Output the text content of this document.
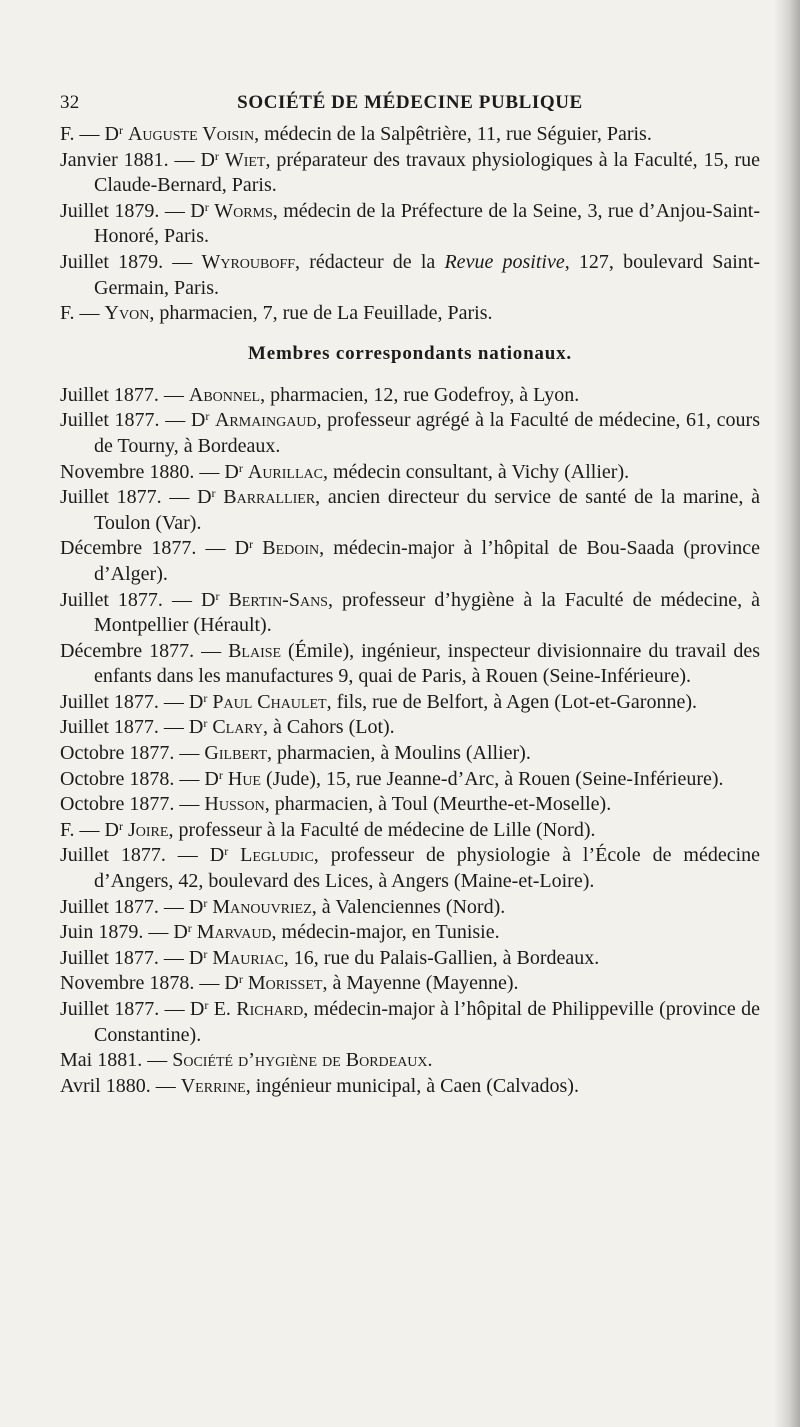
32	SOCIÉTÉ DE MÉDECINE PUBLIQUE

F. — $D^r$ Auguste Voisin, médecin de la Salpêtrière, 11, rue Séguier, Paris.

Janvier 1881. — $D^r$ Wiet, préparateur des travaux physiologiques à la Faculté, 15, rue Claude-Bernard, Paris.

Juillet 1879. — $D^r$ Worms, médecin de la Préfecture de la Seine, 3, rue d’Anjou-Saint-Honoré, Paris.

Juillet 1879. — Wyrouboff, rédacteur de la Revue positive, 127, boulevard Saint-Germain, Paris.

F. — Yvon, pharmacien, 7, rue de La Feuillade, Paris.

Membres correspondants nationaux.

Juillet 1877. — Abonnel, pharmacien, 12, rue Godefroy, à Lyon.

Juillet 1877. — $D^r$ Armaingaud, professeur agrégé à la Faculté de médecine, 61, cours de Tourny, à Bordeaux.

Novembre 1880. — $D^r$ Aurillac, médecin consultant, à Vichy (Allier).

Juillet 1877. — $D^r$ Barrallier, ancien directeur du service de santé de la marine, à Toulon (Var).

Décembre 1877. — $D^r$ Bedoin, médecin-major à l’hôpital de Bou-Saada (province d’Alger).

Juillet 1877. — $D^r$ Bertin-Sans, professeur d’hygiène à la Faculté de médecine, à Montpellier (Hérault).

Décembre 1877. — Blaise (Émile), ingénieur, inspecteur divisionnaire du travail des enfants dans les manufactures 9, quai de Paris, à Rouen (Seine-Inférieure).

Juillet 1877. — $D^r$ Paul Chaulet, fils, rue de Belfort, à Agen (Lot-et-Garonne).

Juillet 1877. — $D^r$ Clary, à Cahors (Lot).

Octobre 1877. — Gilbert, pharmacien, à Moulins (Allier).

Octobre 1878. — $D^r$ Hue (Jude), 15, rue Jeanne-d’Arc, à Rouen (Seine-Inférieure).

Octobre 1877. — Husson, pharmacien, à Toul (Meurthe-et-Moselle).

F. — $D^r$ Joire, professeur à la Faculté de médecine de Lille (Nord).

Juillet 1877. — $D^r$ Legludic, professeur de physiologie à l’École de médecine d’Angers, 42, boulevard des Lices, à Angers (Maine-et-Loire).

Juillet 1877. — $D^r$ Manouvriez, à Valenciennes (Nord).

Juin 1879. — $D^r$ Marvaud, médecin-major, en Tunisie.

Juillet 1877. — $D^r$ Mauriac, 16, rue du Palais-Gallien, à Bordeaux.

Novembre 1878. — $D^r$ Morisset, à Mayenne (Mayenne).

Juillet 1877. — $D^r$ E. Richard, médecin-major à l’hôpital de Philippeville (province de Constantine).

Mai 1881. — Société d’hygiène de Bordeaux.

Avril 1880. — Verrine, ingénieur municipal, à Caen (Calvados).
